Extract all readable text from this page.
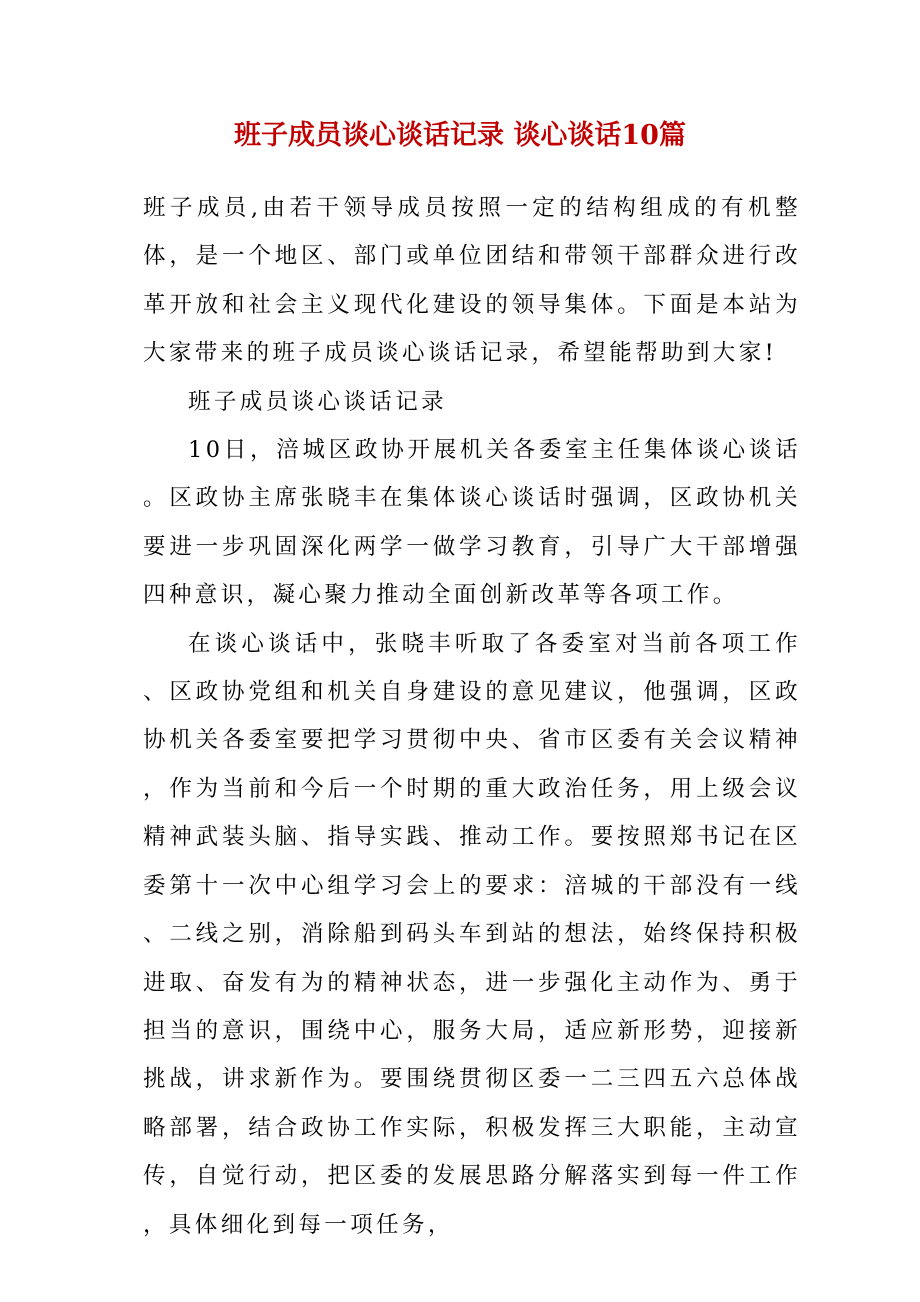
班子成员谈心谈话记录 谈心谈话10篇

班子成员,由若干领导成员按照一定的结构组成的有机整体，是一个地区、部门或单位团结和带领干部群众进行改革开放和社会主义现代化建设的领导集体。下面是本站为大家带来的班子成员谈心谈话记录，希望能帮助到大家!

班子成员谈心谈话记录

10日，涪城区政协开展机关各委室主任集体谈心谈话。区政协主席张晓丰在集体谈心谈话时强调，区政协机关要进一步巩固深化两学一做学习教育，引导广大干部增强四种意识，凝心聚力推动全面创新改革等各项工作。

在谈心谈话中，张晓丰听取了各委室对当前各项工作、区政协党组和机关自身建设的意见建议，他强调，区政协机关各委室要把学习贯彻中央、省市区委有关会议精神，作为当前和今后一个时期的重大政治任务，用上级会议精神武装头脑、指导实践、推动工作。要按照郑书记在区委第十一次中心组学习会上的要求：涪城的干部没有一线、二线之别，消除船到码头车到站的想法，始终保持积极进取、奋发有为的精神状态，进一步强化主动作为、勇于担当的意识，围绕中心，服务大局，适应新形势，迎接新挑战，讲求新作为。要围绕贯彻区委一二三四五六总体战略部署，结合政协工作实际，积极发挥三大职能，主动宣传，自觉行动，把区委的发展思路分解落实到每一件工作，具体细化到每一项任务，
